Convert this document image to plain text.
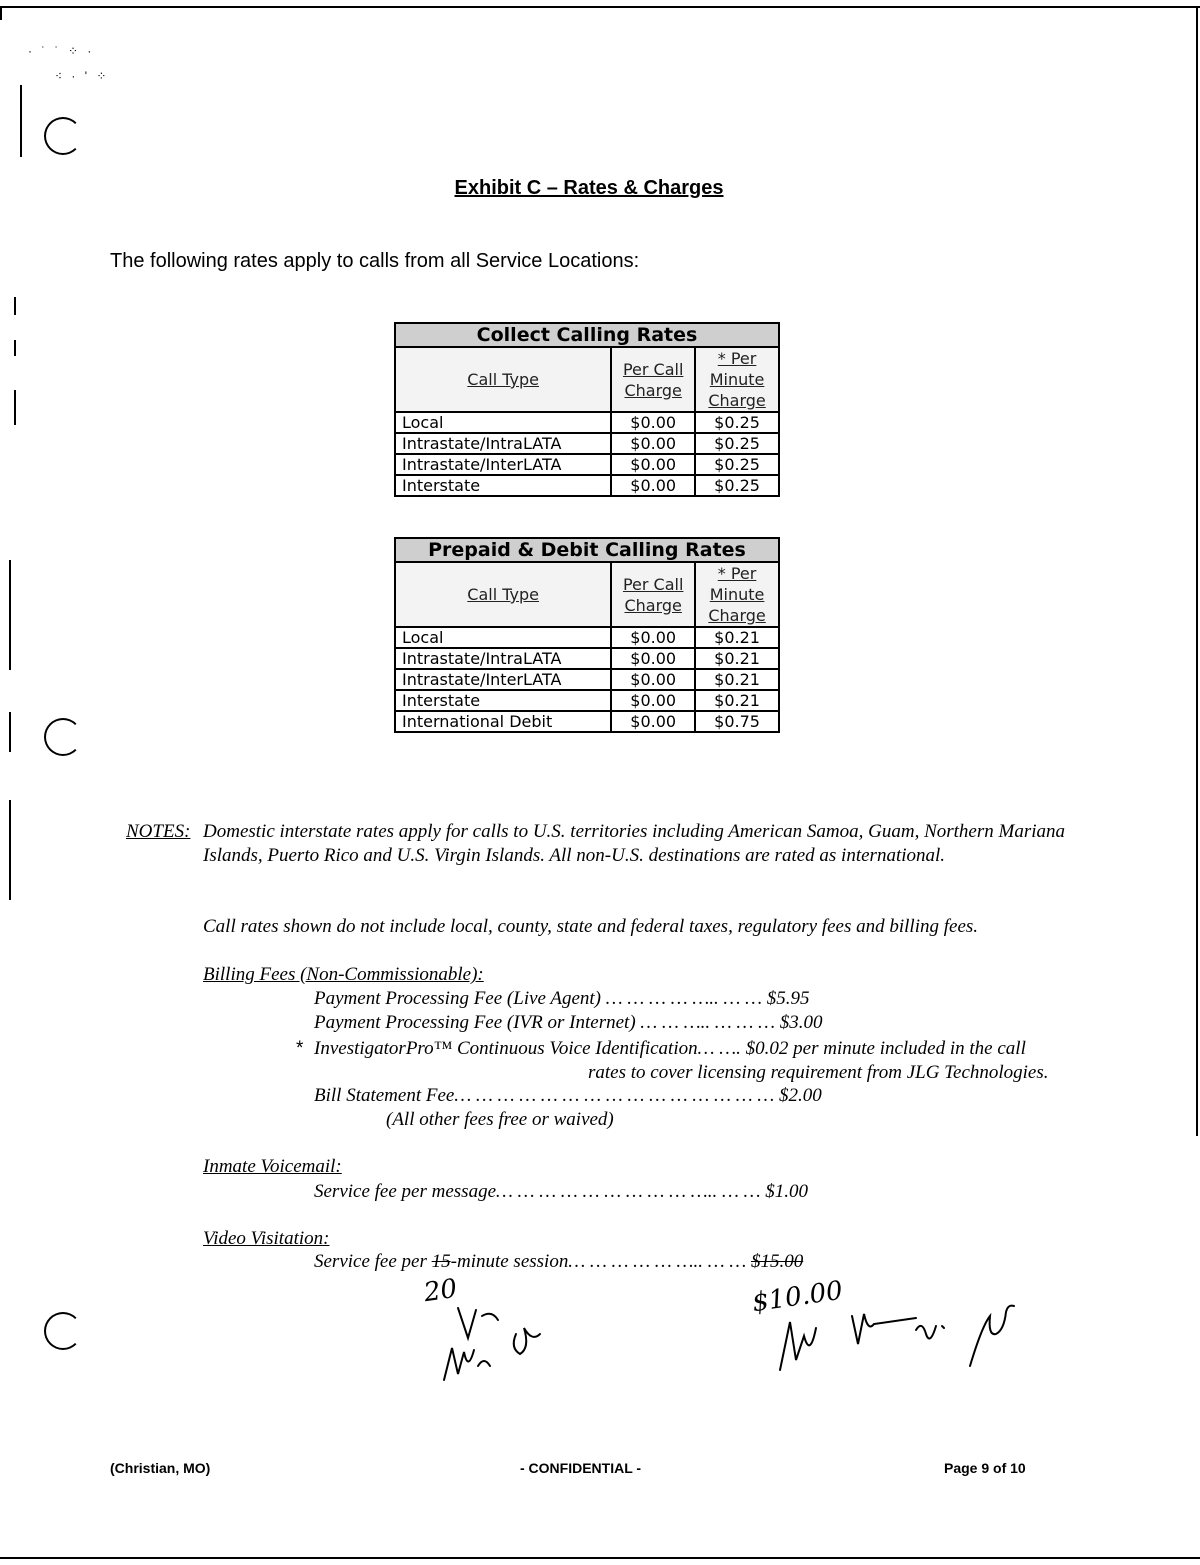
· ˙ ˙ ⁘ ·
⁖ · ' ⁘
Exhibit C – Rates & Charges
The following rates apply to calls from all Service Locations:
Collect Calling Rates		
Call Type	Per Call Charge	* Per Minute Charge
Local	$0.00	$0.25
Intrastate/IntraLATA	$0.00	$0.25
Intrastate/InterLATA	$0.00	$0.25
Interstate	$0.00	$0.25
Prepaid & Debit Calling Rates		
Call Type	Per Call Charge	* Per Minute Charge
Local	$0.00	$0.21
Intrastate/IntraLATA	$0.00	$0.21
Intrastate/InterLATA	$0.00	$0.21
Interstate	$0.00	$0.21
International Debit	$0.00	$0.75
NOTES: Domestic interstate rates apply for calls to U.S. territories including American Samoa, Guam, Northern Mariana Islands, Puerto Rico and U.S. Virgin Islands. All non-U.S. destinations are rated as international.
Call rates shown do not include local, county, state and federal taxes, regulatory fees and billing fees.
Billing Fees (Non-Commissionable):
Payment Processing Fee (Live Agent) … … … … ….. … … $5.95
Payment Processing Fee (IVR or Internet) … … ….. … … … $3.00
* InvestigatorPro™ Continuous Voice Identification… …. $0.02 per minute included in the call
rates to cover licensing requirement from JLG Technologies.
Bill Statement Fee… … … … … … … … … … … … … … … $2.00
(All other fees free or waived)
Inmate Voicemail:
Service fee per message… … … … … … … … … ….. … … $1.00
Video Visitation:
Service fee per 15-minute session… … … … … ….. … … $15.00
20	$10.00
(Christian, MO)	- CONFIDENTIAL -	Page 9 of 10
